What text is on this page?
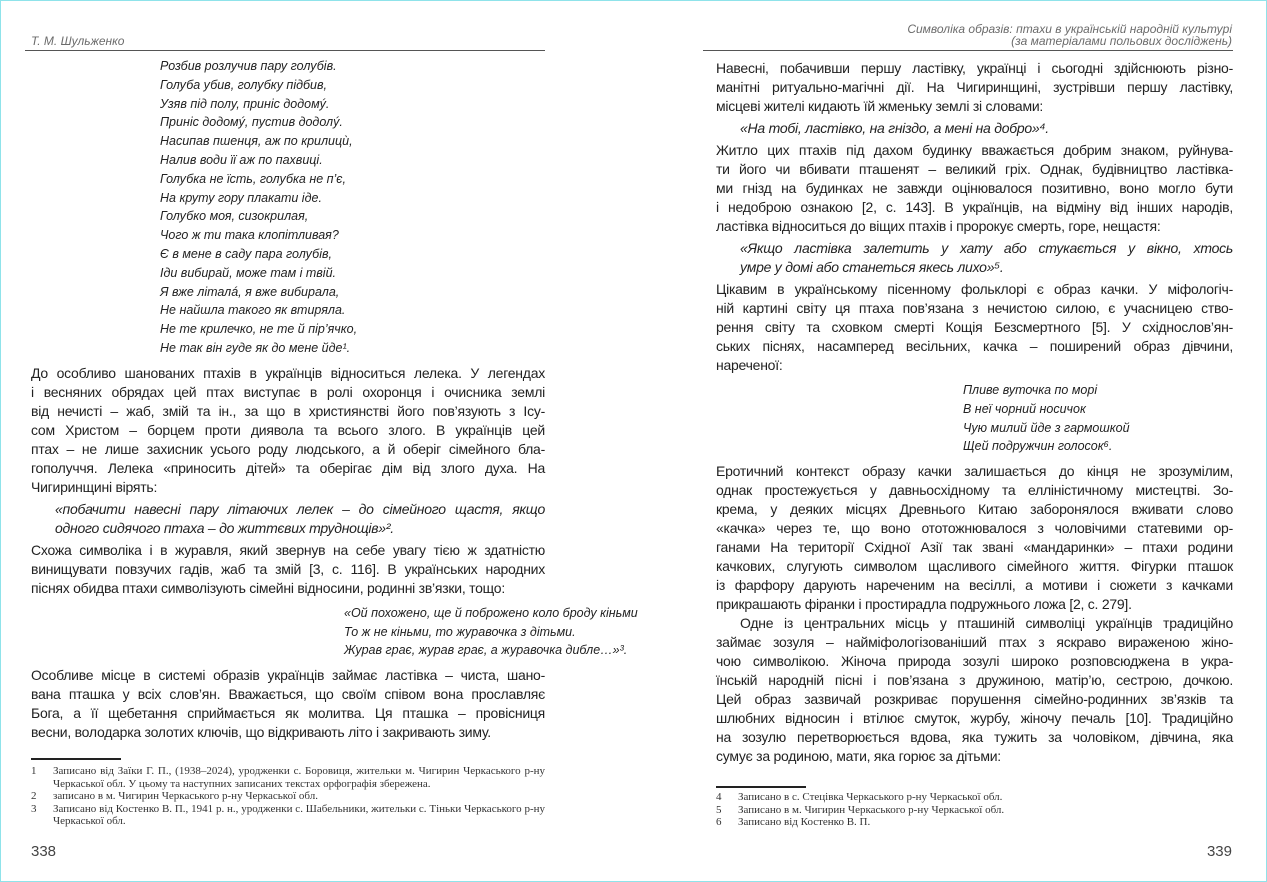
Т. М. Шульженко
Розбив розлучив пару голубів.
Голуба убив, голубку підбив,
Узяв під полу, приніс додомý.
Приніс додомý, пустив додолý.
Насипав пшенця, аж по крилицѝ,
Налив води її аж по пахвиці.
Голубка не їсть, голубка не п’є,
На круту гору плакати іде.
Голубко моя, сизокрилая,
Чого ж ти така клопітливая?
Є в мене в саду пара голубів,
Іди вибирай, може там і твій.
Я вже літалá, я вже вибирала,
Не найшла такого як втиряла.
Не те крилечко, не те й пір’ячко,
Не так він гуде як до мене йде¹.
До особливо шанованих птахів в українців відноситься лелека. У легендах
і весняних обрядах цей птах виступає в ролі охоронця і очисника землі
від нечисті – жаб, змій та ін., за що в християнстві його пов’язують з Ісу-
сом Христом – борцем проти диявола та всього злого. В українців цей
птах – не лише захисник усього роду людського, а й оберіг сімейного бла-
гополуччя. Лелека «приносить дітей» та оберігає дім від злого духа. На
Чигиринщині вірять:
«побачити навесні пару літаючих лелек – до сімейного щастя, якщо
одного сидячого птаха – до життєвих труднощів»².
Схожа символіка і в журавля, який звернув на себе увагу тією ж здатністю
винищувати повзучих гадів, жаб та змій [3, с. 116]. В українських народних
піснях обидва птахи символізують сімейні відносини, родинні зв’язки, тощо:
«Ой похожено, ще й поброжено коло броду кіньми
То ж не кіньми, то журавочка з дітьми.
Журав грає, журав грає, а журавочка дибле…»³.
Особливе місце в системі образів українців займає ластівка – чиста, шано-
вана пташка у всіх слов’ян. Вважається, що своїм співом вона прославляє
Бога, а її щебетання сприймається як молитва. Ця пташка – провісниця
весни, володарка золотих ключів, що відкривають літо і закривають зиму.
1	Записано від Заїки Г. П., (1938–2024), уродженки с. Боровиця, жительки м. Чигирин Черкаського р-ну Черкаської обл. У цьому та наступних записаних текстах орфографія збережена.
2	записано в м. Чигирин Черкаського р-ну Черкаської обл.
3	Записано від Костенко В. П., 1941 р. н., уродженки с. Шабельники, жительки с. Тіньки Черкаського р-ну Черкаської обл.
338
Символіка образів: птахи в українській народній культурі
(за матеріалами польових досліджень)
Навесні, побачивши першу ластівку, українці і сьогодні здійснюють різно-
манітні ритуально-магічні дії. На Чигиринщині, зустрівши першу ластівку,
місцеві жителі кидають їй жменьку землі зі словами:
«На тобі, ластівко, на гніздо, а мені на добро»⁴.
Житло цих птахів під дахом будинку вважається добрим знаком, руйнува-
ти його чи вбивати пташенят – великий гріх. Однак, будівництво ластівка-
ми гнізд на будинках не завжди оцінювалося позитивно, воно могло бути
і недоброю ознакою [2, с. 143]. В українців, на відміну від інших народів,
ластівка відноситься до віщих птахів і пророкує смерть, горе, нещастя:
«Якщо ластівка залетить у хату або стукається у вікно, хтось
умре у домі або станеться якесь лихо»⁵.
Цікавим в українському пісенному фольклорі є образ качки. У міфологіч-
ній картині світу ця птаха пов’язана з нечистою силою, є учасницею ство-
рення світу та сховком смерті Кощія Безсмертного [5]. У східнослов’ян-
ських піснях, насамперед весільних, качка – поширений образ дівчини,
нареченої:
Пливе вуточка по морі
В неї чорний носичок
Чую милий йде з гармошкой
Щей подружчин голосок⁶.
Еротичний контекст образу качки залишається до кінця не зрозумілим,
однак простежується у давньосхідному та елліністичному мистецтві. Зо-
крема, у деяких місцях Древнього Китаю заборонялося вживати слово
«качка» через те, що воно ототожнювалося з чоловічими статевими ор-
ганами На території Східної Азії так звані «мандаринки» – птахи родини
качкових, слугують символом щасливого сімейного життя. Фігурки пташок
із фарфору дарують нареченим на весіллі, а мотиви і сюжети з качками
прикрашають фіранки і простирадла подружнього ложа [2, с. 279].
Одне із центральних місць у пташиній символіці українців традиційно
займає зозуля – найміфологізованіший птах з яскраво вираженою жіно-
чою символікою. Жіноча природа зозулі широко розповсюджена в укра-
їнській народній пісні і пов’язана з дружиною, матір’ю, сестрою, дочкою.
Цей образ зазвичай розкриває порушення сімейно-родинних зв’язків та
шлюбних відносин і втілює смуток, журбу, жіночу печаль [10]. Традиційно
на зозулю перетворюється вдова, яка тужить за чоловіком, дівчина, яка
сумує за родиною, мати, яка горює за дітьми:
4	Записано в с. Стецівка Черкаського р-ну Черкаської обл.
5	Записано в м. Чигирин Черкаського р-ну Черкаської обл.
6	Записано від Костенко В. П.
339
